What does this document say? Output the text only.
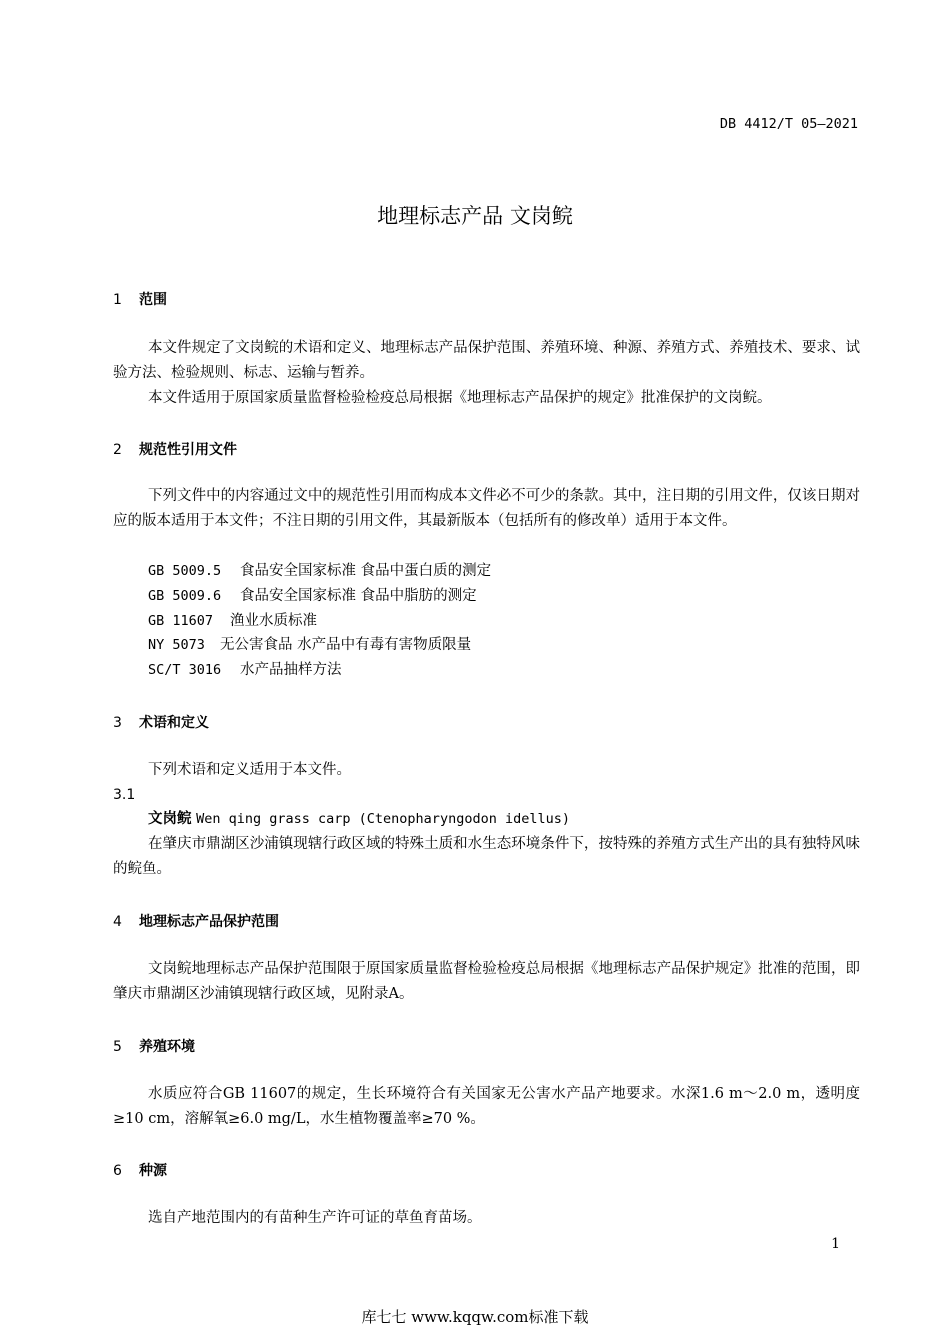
DB 4412/T 05—2021
地理标志产品 文岗鲩
1 范围
本文件规定了文岗鲩的术语和定义、地理标志产品保护范围、养殖环境、种源、养殖方式、养殖技术、要求、试验方法、检验规则、标志、运输与暂养。
本文件适用于原国家质量监督检验检疫总局根据《地理标志产品保护的规定》批准保护的文岗鲩。
2 规范性引用文件
下列文件中的内容通过文中的规范性引用而构成本文件必不可少的条款。其中，注日期的引用文件，仅该日期对应的版本适用于本文件；不注日期的引用文件，其最新版本（包括所有的修改单）适用于本文件。
GB 5009.5 食品安全国家标准 食品中蛋白质的测定
GB 5009.6 食品安全国家标准 食品中脂肪的测定
GB 11607 渔业水质标准
NY 5073 无公害食品 水产品中有毒有害物质限量
SC/T 3016 水产品抽样方法
3 术语和定义
下列术语和定义适用于本文件。
3.1
文岗鲩 Wen qing grass carp (Ctenopharyngodon idellus)
在肇庆市鼎湖区沙浦镇现辖行政区域的特殊土质和水生态环境条件下，按特殊的养殖方式生产出的具有独特风味的鲩鱼。
4 地理标志产品保护范围
文岗鲩地理标志产品保护范围限于原国家质量监督检验检疫总局根据《地理标志产品保护规定》批准的范围，即肇庆市鼎湖区沙浦镇现辖行政区域，见附录A。
5 养殖环境
水质应符合GB 11607的规定，生长环境符合有关国家无公害水产品产地要求。水深1.6 m～2.0 m，透明度≥10 cm，溶解氧≥6.0 mg/L，水生植物覆盖率≥70 %。
6 种源
选自产地范围内的有苗种生产许可证的草鱼育苗场。
1
库七七 www.kqqw.com标准下载
